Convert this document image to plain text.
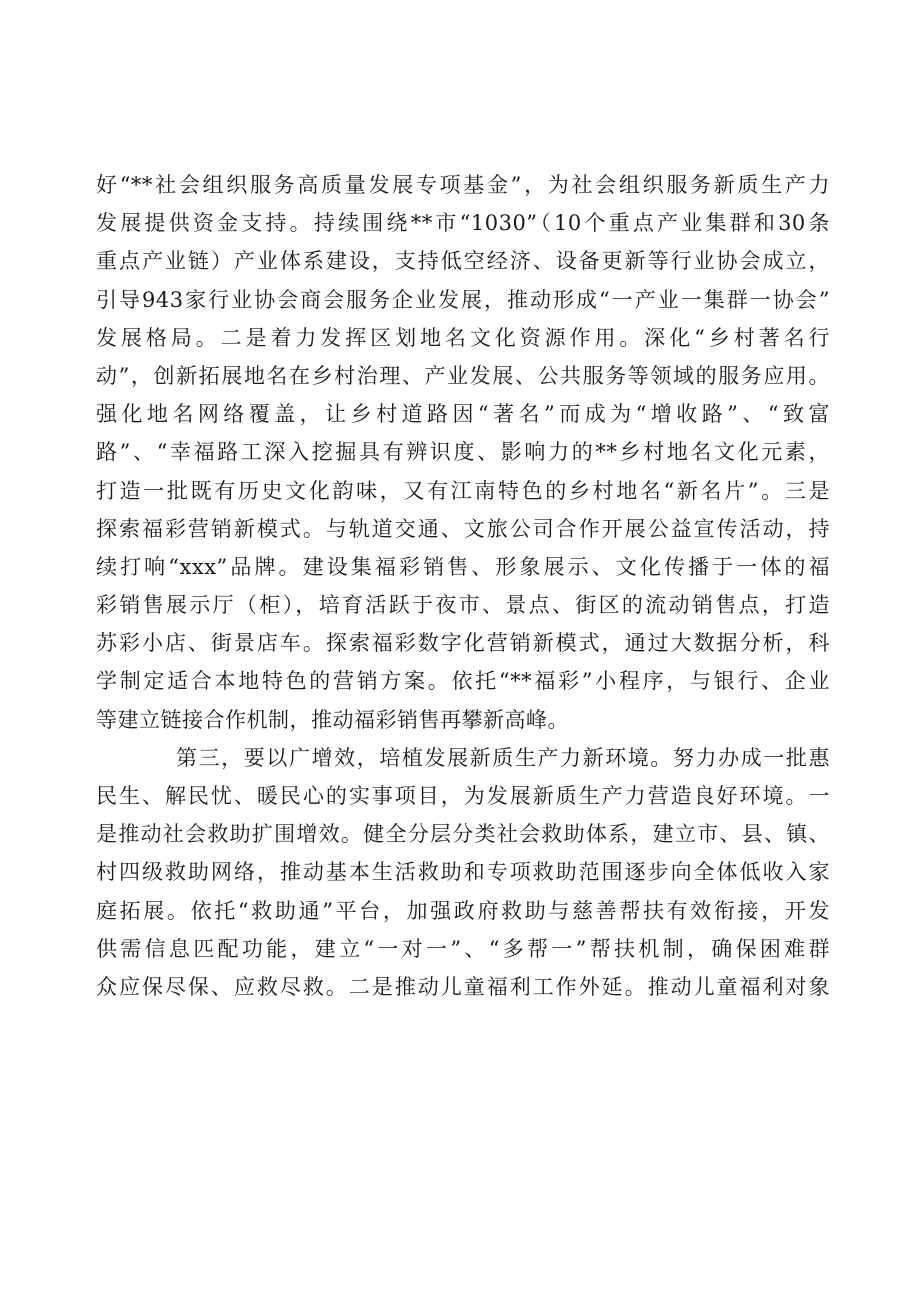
好“**社会组织服务高质量发展专项基金”，为社会组织服务新质生产力
发展提供资金支持。持续围绕**市“1030”（10个重点产业集群和30条
重点产业链）产业体系建设，支持低空经济、设备更新等行业协会成立，
引导943家行业协会商会服务企业发展，推动形成“一产业一集群一协会”
发展格局。二是着力发挥区划地名文化资源作用。深化“乡村著名行
动”，创新拓展地名在乡村治理、产业发展、公共服务等领域的服务应用。
强化地名网络覆盖，让乡村道路因“著名”而成为“增收路”、“致富
路”、“幸福路工深入挖掘具有辨识度、影响力的**乡村地名文化元素，
打造一批既有历史文化韵味，又有江南特色的乡村地名“新名片”。三是
探索福彩营销新模式。与轨道交通、文旅公司合作开展公益宣传活动，持
续打响“xxx”品牌。建设集福彩销售、形象展示、文化传播于一体的福
彩销售展示厅（柜），培育活跃于夜市、景点、街区的流动销售点，打造
苏彩小店、街景店车。探索福彩数字化营销新模式，通过大数据分析，科
学制定适合本地特色的营销方案。依托“**福彩”小程序，与银行、企业
等建立链接合作机制，推动福彩销售再攀新高峰。
第三，要以广增效，培植发展新质生产力新环境。努力办成一批惠
民生、解民忧、暖民心的实事项目，为发展新质生产力营造良好环境。一
是推动社会救助扩围增效。健全分层分类社会救助体系，建立市、县、镇、
村四级救助网络，推动基本生活救助和专项救助范围逐步向全体低收入家
庭拓展。依托“救助通”平台，加强政府救助与慈善帮扶有效衔接，开发
供需信息匹配功能，建立“一对一”、“多帮一”帮扶机制，确保困难群
众应保尽保、应救尽救。二是推动儿童福利工作外延。推动儿童福利对象
